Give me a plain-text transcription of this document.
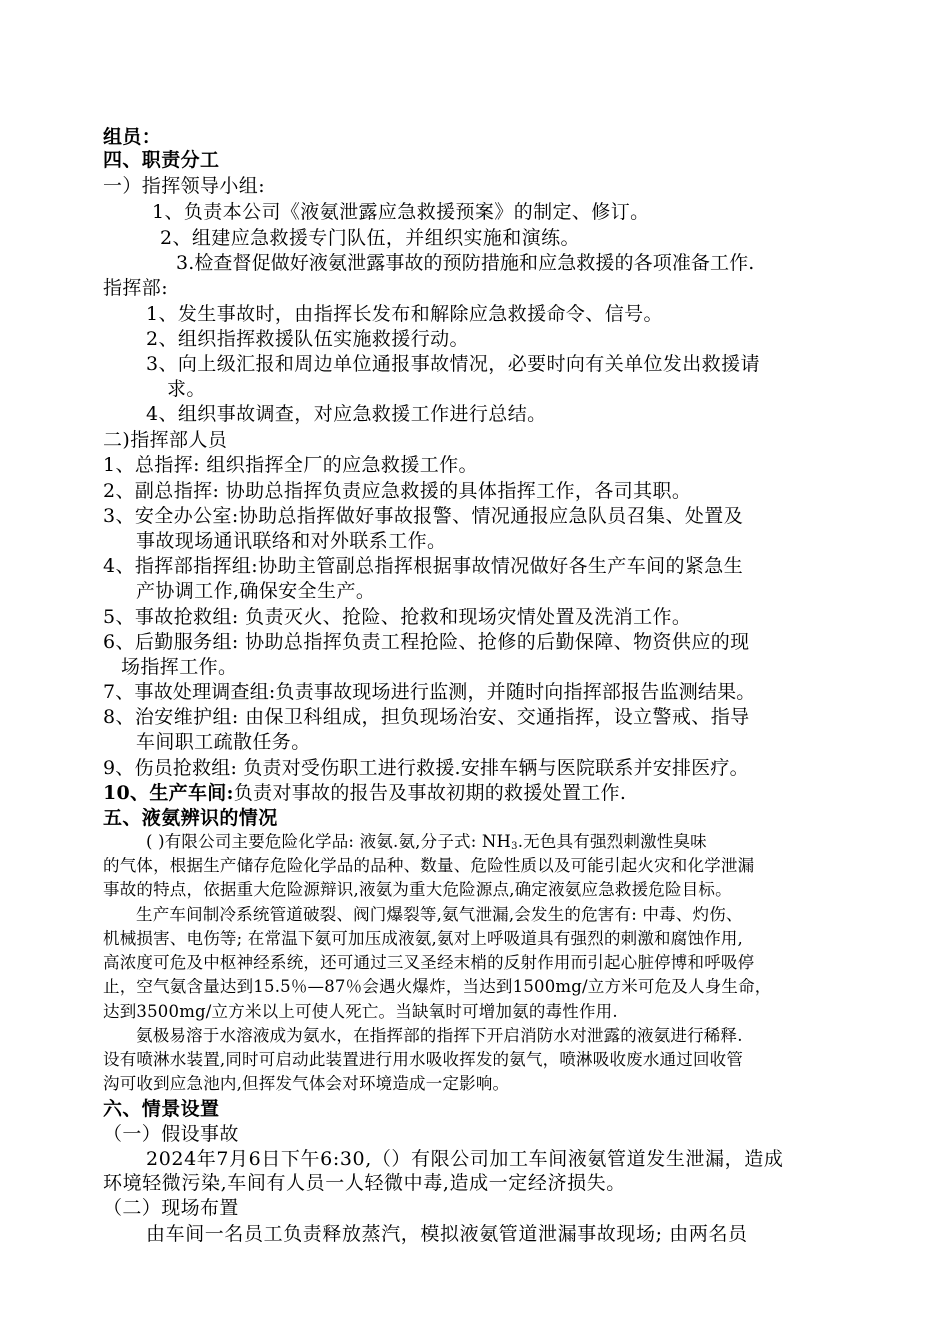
组员：

四、职责分工

一）指挥领导小组:

1、负责本公司《液氨泄露应急救援预案》的制定、修订。

2、组建应急救援专门队伍，并组织实施和演练。

3.检查督促做好液氨泄露事故的预防措施和应急救援的各项准备工作.

指挥部:

1、发生事故时，由指挥长发布和解除应急救援命令、信号。

2、组织指挥救援队伍实施救援行动。

3、向上级汇报和周边单位通报事故情况，必要时向有关单位发出救援请

求。

4、组织事故调查，对应急救援工作进行总结。

二)指挥部人员

1、总指挥: 组织指挥全厂的应急救援工作。

2、副总指挥: 协助总指挥负责应急救援的具体指挥工作，各司其职。

3、安全办公室:协助总指挥做好事故报警、情况通报应急队员召集、处置及

事故现场通讯联络和对外联系工作。

4、指挥部指挥组:协助主管副总指挥根据事故情况做好各生产车间的紧急生

产协调工作,确保安全生产。

5、事故抢救组: 负责灭火、抢险、抢救和现场灾情处置及洗消工作。

6、后勤服务组: 协助总指挥负责工程抢险、抢修的后勤保障、物资供应的现

场指挥工作。

7、事故处理调查组:负责事故现场进行监测，并随时向指挥部报告监测结果。

8、治安维护组: 由保卫科组成，担负现场治安、交通指挥，设立警戒、指导

车间职工疏散任务。

9、伤员抢救组: 负责对受伤职工进行救援.安排车辆与医院联系并安排医疗。

10、生产车间:负责对事故的报告及事故初期的救援处置工作.

五、液氨辨识的情况

( )有限公司主要危险化学品: 液氨.氨,分子式: $NH_3$.无色具有强烈刺激性臭味

的气体，根据生产储存危险化学品的品种、数量、危险性质以及可能引起火灾和化学泄漏

事故的特点，依据重大危险源辩识,液氨为重大危险源点,确定液氨应急救援危险目标。

生产车间制冷系统管道破裂、阀门爆裂等,氨气泄漏,会发生的危害有: 中毒、灼伤、

机械损害、电伤等; 在常温下氨可加压成液氨,氨对上呼吸道具有强烈的刺激和腐蚀作用,

高浓度可危及中枢神经系统，还可通过三叉圣经末梢的反射作用而引起心脏停博和呼吸停

止，空气氨含量达到15.5％—87％会遇火爆炸，当达到1500mg/立方米可危及人身生命，

达到3500mg/立方米以上可使人死亡。当缺氧时可增加氨的毒性作用.

氨极易溶于水溶液成为氨水，在指挥部的指挥下开启消防水对泄露的液氨进行稀释.

设有喷淋水装置,同时可启动此装置进行用水吸收挥发的氨气，喷淋吸收废水通过回收管

沟可收到应急池内,但挥发气体会对环境造成一定影响。

六、情景设置

（一）假设事故

2024年7月6日下午6:30,（）有限公司加工车间液氨管道发生泄漏，造成

环境轻微污染,车间有人员一人轻微中毒,造成一定经济损失。

（二）现场布置

由车间一名员工负责释放蒸汽，模拟液氨管道泄漏事故现场; 由两名员
